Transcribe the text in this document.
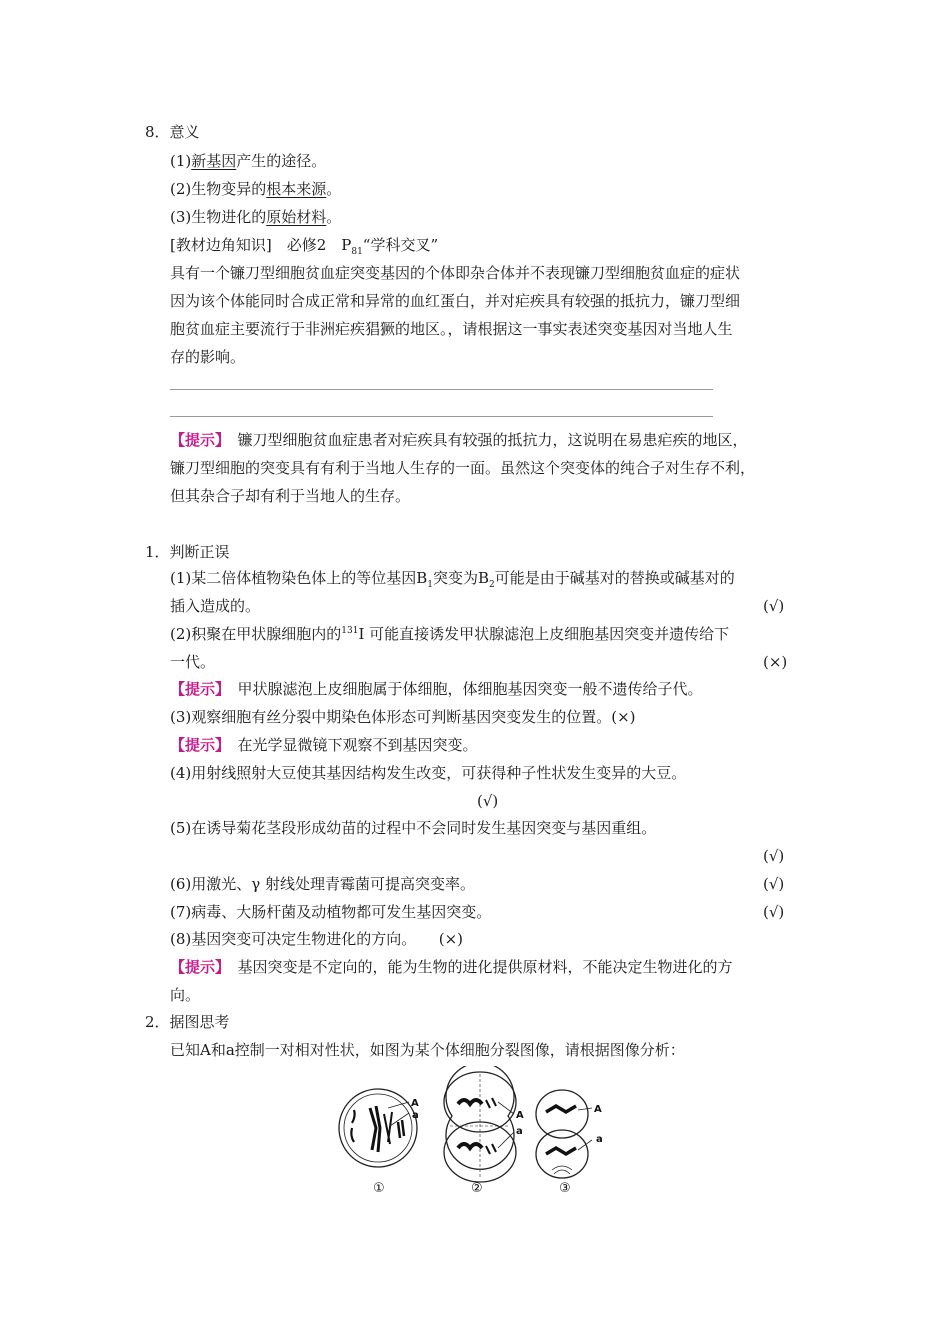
8．意义
(1)新基因产生的途径。
(2)生物变异的根本来源。
(3)生物进化的原始材料。
[教材边角知识]　必修2　$P_{81}“$学科交叉”
具有一个镰刀型细胞贫血症突变基因的个体即杂合体并不表现镰刀型细胞贫血症的症状
因为该个体能同时合成正常和异常的血红蛋白，并对疟疾具有较强的抵抗力，镰刀型细
胞贫血症主要流行于非洲疟疾猖獗的地区。，请根据这一事实表述突变基因对当地人生
存的影响。
【提示】　镰刀型细胞贫血症患者对疟疾具有较强的抵抗力，这说明在易患疟疾的地区，
镰刀型细胞的突变具有有利于当地人生存的一面。虽然这个突变体的纯合子对生存不利，
但其杂合子却有利于当地人的生存。
1．判断正误
(1)某二倍体植物染色体上的等位基因$B_1$突变为$B_2$可能是由于碱基对的替换或碱基对的
插入造成的。	(√)
(2)积聚在甲状腺细胞内的$^{131}$I 可能直接诱发甲状腺滤泡上皮细胞基因突变并遗传给下
一代。	(×)
【提示】　甲状腺滤泡上皮细胞属于体细胞，体细胞基因突变一般不遗传给子代。
(3)观察细胞有丝分裂中期染色体形态可判断基因突变发生的位置。(×)
【提示】　在光学显微镜下观察不到基因突变。
(4)用射线照射大豆使其基因结构发生改变，可获得种子性状发生变异的大豆。
(√)
(5)在诱导菊花茎段形成幼苗的过程中不会同时发生基因突变与基因重组。
(√)
(6)用激光、γ 射线处理青霉菌可提高突变率。	(√)
(7)病毒、大肠杆菌及动植物都可发生基因突变。	(√)
(8)基因突变可决定生物进化的方向。　　(×)
【提示】　基因突变是不定向的，能为生物的进化提供原材料，不能决定生物进化的方
向。
2．据图思考
已知A和a控制一对相对性状，如图为某个体细胞分裂图像，请根据图像分析：
A
a
①
A
a
②
A
a
③
